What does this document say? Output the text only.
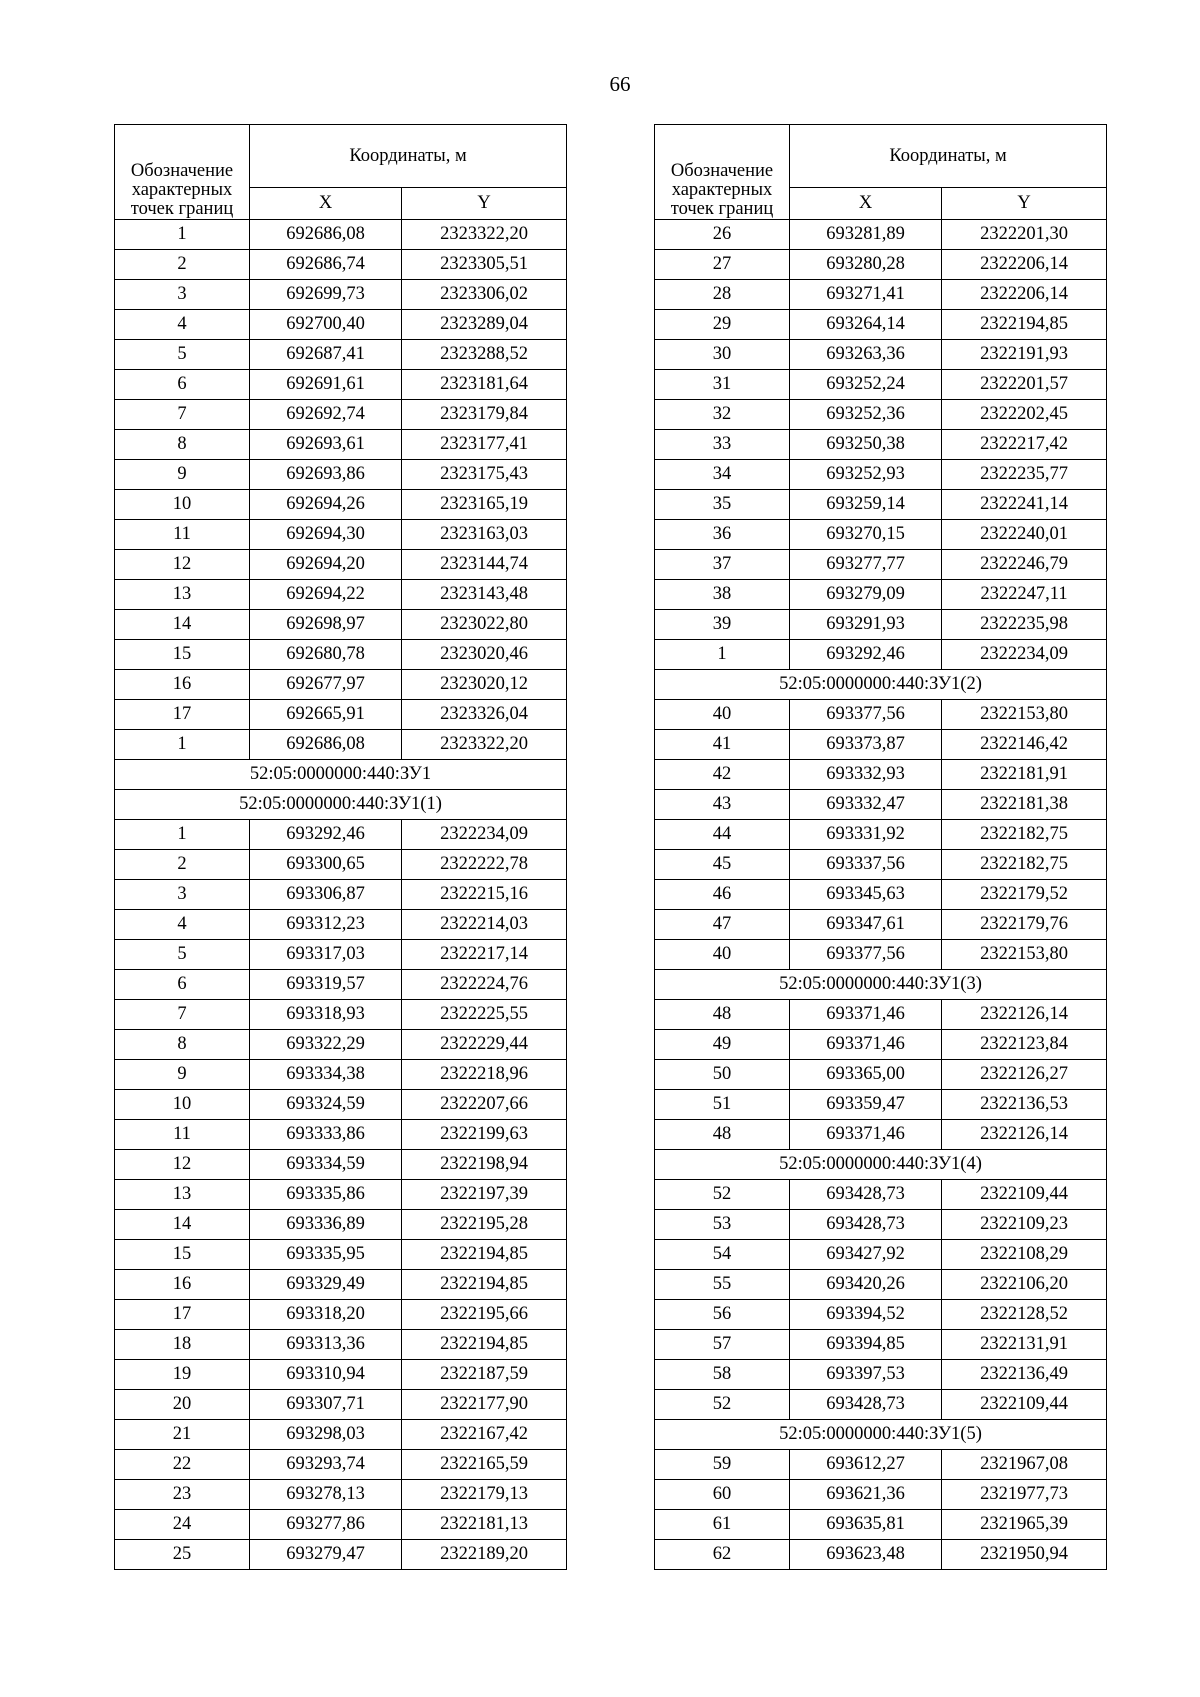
66
Обозначение характерных точек границ	Координаты, м	
	X	Y
1	692686,08	2323322,20
2	692686,74	2323305,51
3	692699,73	2323306,02
4	692700,40	2323289,04
5	692687,41	2323288,52
6	692691,61	2323181,64
7	692692,74	2323179,84
8	692693,61	2323177,41
9	692693,86	2323175,43
10	692694,26	2323165,19
11	692694,30	2323163,03
12	692694,20	2323144,74
13	692694,22	2323143,48
14	692698,97	2323022,80
15	692680,78	2323020,46
16	692677,97	2323020,12
17	692665,91	2323326,04
1	692686,08	2323322,20
52:05:0000000:440:ЗУ1		
52:05:0000000:440:ЗУ1(1)		
1	693292,46	2322234,09
2	693300,65	2322222,78
3	693306,87	2322215,16
4	693312,23	2322214,03
5	693317,03	2322217,14
6	693319,57	2322224,76
7	693318,93	2322225,55
8	693322,29	2322229,44
9	693334,38	2322218,96
10	693324,59	2322207,66
11	693333,86	2322199,63
12	693334,59	2322198,94
13	693335,86	2322197,39
14	693336,89	2322195,28
15	693335,95	2322194,85
16	693329,49	2322194,85
17	693318,20	2322195,66
18	693313,36	2322194,85
19	693310,94	2322187,59
20	693307,71	2322177,90
21	693298,03	2322167,42
22	693293,74	2322165,59
23	693278,13	2322179,13
24	693277,86	2322181,13
25	693279,47	2322189,20
Обозначение характерных точек границ	Координаты, м	
	X	Y
26	693281,89	2322201,30
27	693280,28	2322206,14
28	693271,41	2322206,14
29	693264,14	2322194,85
30	693263,36	2322191,93
31	693252,24	2322201,57
32	693252,36	2322202,45
33	693250,38	2322217,42
34	693252,93	2322235,77
35	693259,14	2322241,14
36	693270,15	2322240,01
37	693277,77	2322246,79
38	693279,09	2322247,11
39	693291,93	2322235,98
1	693292,46	2322234,09
52:05:0000000:440:ЗУ1(2)		
40	693377,56	2322153,80
41	693373,87	2322146,42
42	693332,93	2322181,91
43	693332,47	2322181,38
44	693331,92	2322182,75
45	693337,56	2322182,75
46	693345,63	2322179,52
47	693347,61	2322179,76
40	693377,56	2322153,80
52:05:0000000:440:ЗУ1(3)		
48	693371,46	2322126,14
49	693371,46	2322123,84
50	693365,00	2322126,27
51	693359,47	2322136,53
48	693371,46	2322126,14
52:05:0000000:440:ЗУ1(4)		
52	693428,73	2322109,44
53	693428,73	2322109,23
54	693427,92	2322108,29
55	693420,26	2322106,20
56	693394,52	2322128,52
57	693394,85	2322131,91
58	693397,53	2322136,49
52	693428,73	2322109,44
52:05:0000000:440:ЗУ1(5)		
59	693612,27	2321967,08
60	693621,36	2321977,73
61	693635,81	2321965,39
62	693623,48	2321950,94
